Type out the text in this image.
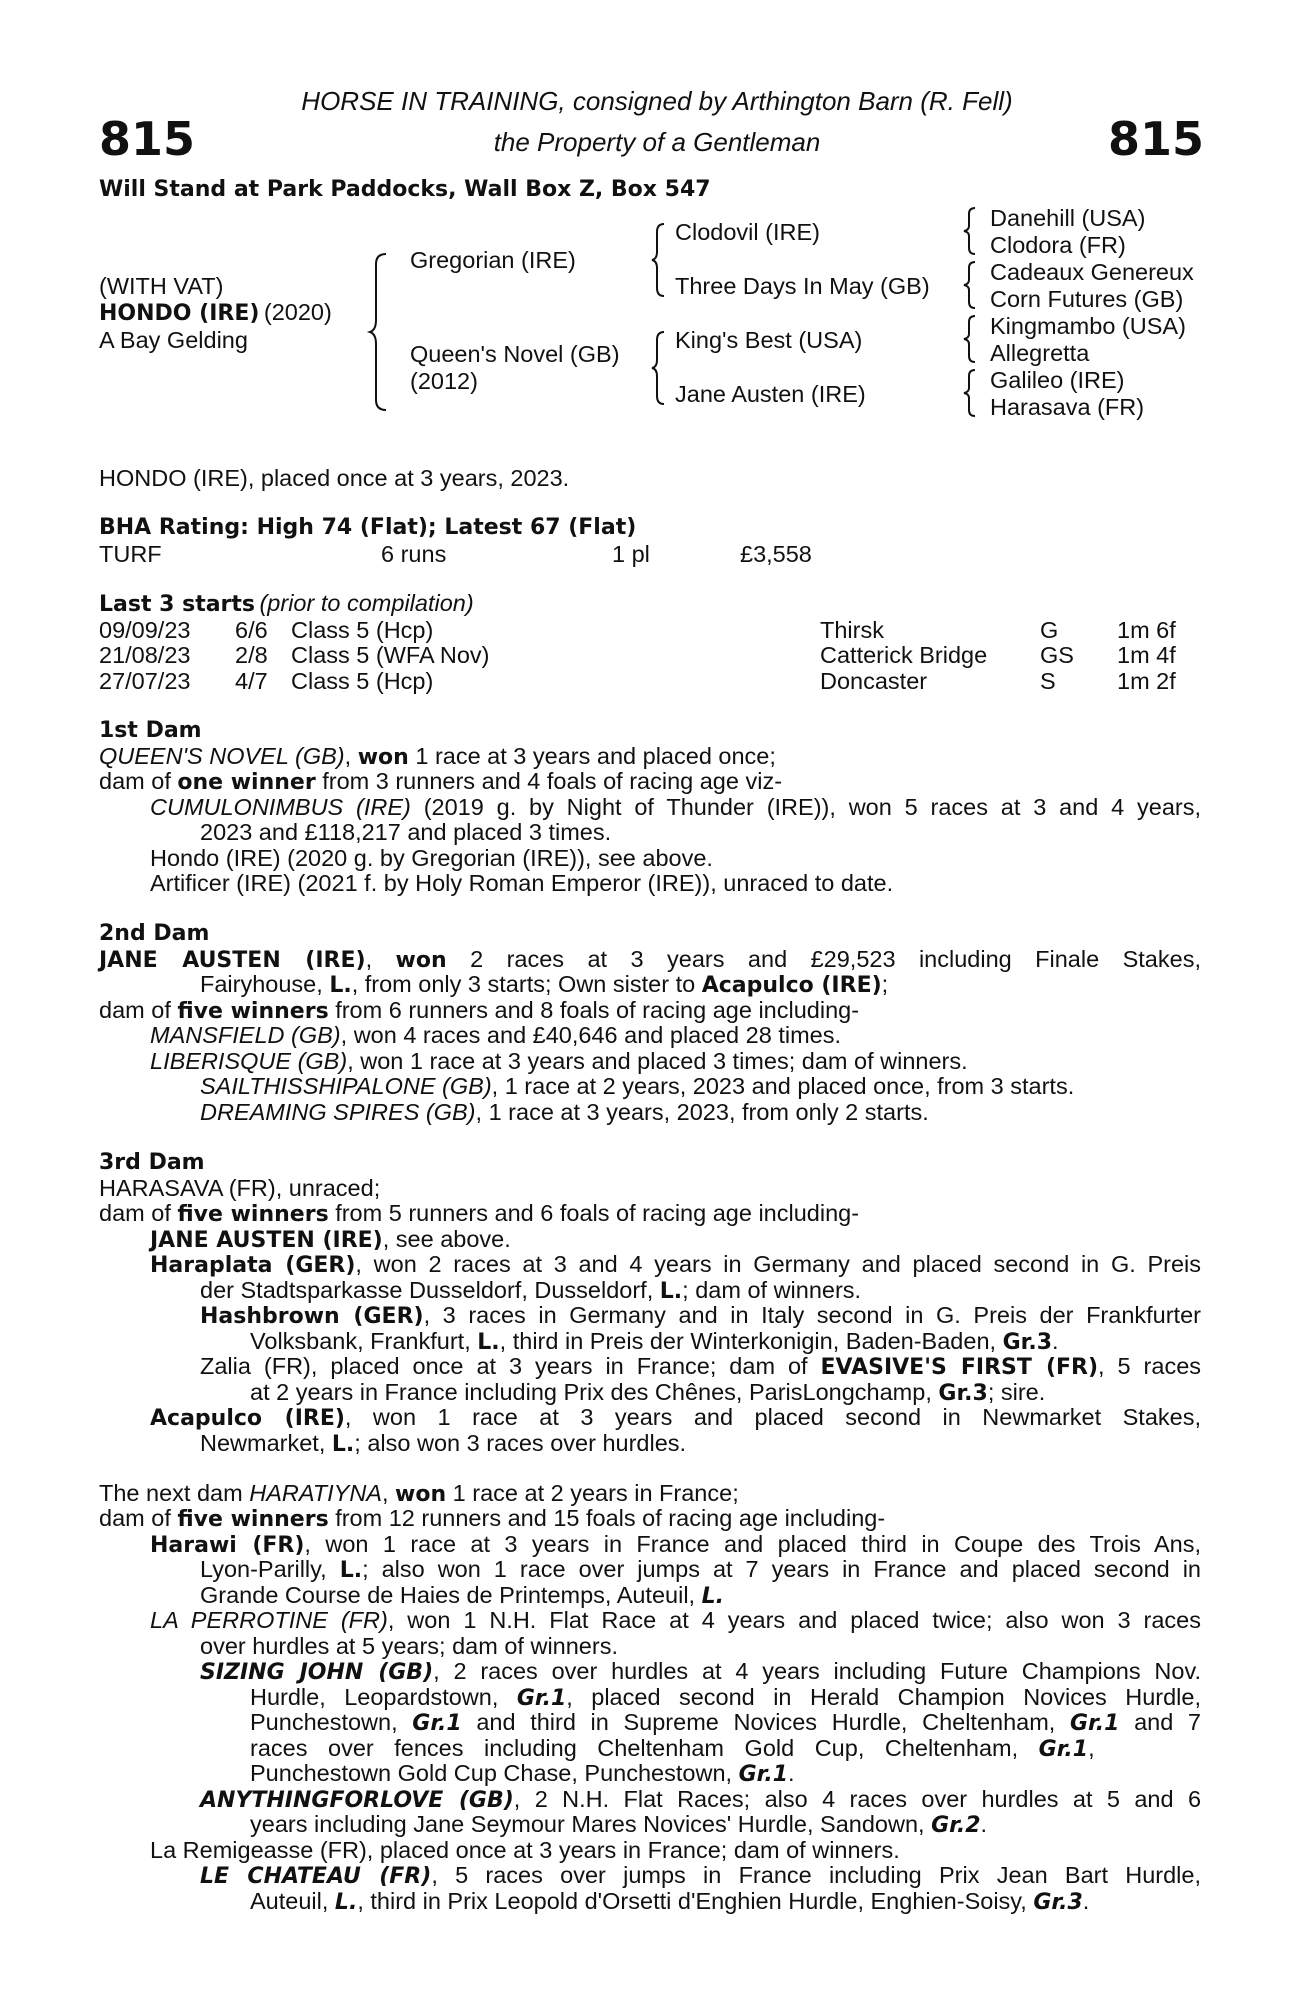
815	815
HORSE IN TRAINING, consigned by Arthington Barn (R. Fell)
the Property of a Gentleman
Will Stand at Park Paddocks, Wall Box Z, Box 547
(WITH VAT)
HONDO (IRE) (2020)
A Bay Gelding
Gregorian (IRE)
Queen's Novel (GB)
(2012)
Clodovil (IRE)
Three Days In May (GB)
King's Best (USA)
Jane Austen (IRE)
Danehill (USA)
Clodora (FR)
Cadeaux Genereux
Corn Futures (GB)
Kingmambo (USA)
Allegretta
Galileo (IRE)
Harasava (FR)
HONDO (IRE), placed once at 3 years, 2023.
BHA Rating: High 74 (Flat); Latest 67 (Flat)
TURF	6 runs	1 pl	£3,558
Last 3 starts (prior to compilation)
09/09/23 6/6 Class 5 (Hcp)	Thirsk	G 1m 6f
21/08/23 2/8 Class 5 (WFA Nov)	Catterick Bridge GS 1m 4f
27/07/23 4/7 Class 5 (Hcp)	Doncaster	S	1m 2f
1st Dam
QUEEN'S NOVEL (GB), won 1 race at 3 years and placed once;
dam of one winner from 3 runners and 4 foals of racing age viz-
CUMULONIMBUS (IRE) (2019 g. by Night of Thunder (IRE)), won 5 races at 3 and 4 years,
2023 and £118,217 and placed 3 times.
Hondo (IRE) (2020 g. by Gregorian (IRE)), see above.
Artificer (IRE) (2021 f. by Holy Roman Emperor (IRE)), unraced to date.
2nd Dam
JANE AUSTEN (IRE), won 2 races at 3 years and £29,523 including Finale Stakes,
Fairyhouse, L., from only 3 starts; Own sister to Acapulco (IRE);
dam of five winners from 6 runners and 8 foals of racing age including-
MANSFIELD (GB), won 4 races and £40,646 and placed 28 times.
LIBERISQUE (GB), won 1 race at 3 years and placed 3 times; dam of winners.
SAILTHISSHIPALONE (GB), 1 race at 2 years, 2023 and placed once, from 3 starts.
DREAMING SPIRES (GB), 1 race at 3 years, 2023, from only 2 starts.
3rd Dam
HARASAVA (FR), unraced;
dam of five winners from 5 runners and 6 foals of racing age including-
JANE AUSTEN (IRE), see above.
Haraplata (GER), won 2 races at 3 and 4 years in Germany and placed second in G. Preis
der Stadtsparkasse Dusseldorf, Dusseldorf, L.; dam of winners.
Hashbrown (GER), 3 races in Germany and in Italy second in G. Preis der Frankfurter
Volksbank, Frankfurt, L., third in Preis der Winterkonigin, Baden-Baden, Gr.3.
Zalia (FR), placed once at 3 years in France; dam of EVASIVE'S FIRST (FR), 5 races
at 2 years in France including Prix des Chênes, ParisLongchamp, Gr.3; sire.
Acapulco (IRE), won 1 race at 3 years and placed second in Newmarket Stakes,
Newmarket, L.; also won 3 races over hurdles.
The next dam HARATIYNA, won 1 race at 2 years in France;
dam of five winners from 12 runners and 15 foals of racing age including-
Harawi (FR), won 1 race at 3 years in France and placed third in Coupe des Trois Ans,
Lyon-Parilly, L.; also won 1 race over jumps at 7 years in France and placed second in
Grande Course de Haies de Printemps, Auteuil, L.
LA PERROTINE (FR), won 1 N.H. Flat Race at 4 years and placed twice; also won 3 races
over hurdles at 5 years; dam of winners.
SIZING JOHN (GB), 2 races over hurdles at 4 years including Future Champions Nov.
Hurdle, Leopardstown, Gr.1, placed second in Herald Champion Novices Hurdle,
Punchestown, Gr.1 and third in Supreme Novices Hurdle, Cheltenham, Gr.1 and 7
races over fences including Cheltenham Gold Cup, Cheltenham, Gr.1,
Punchestown Gold Cup Chase, Punchestown, Gr.1.
ANYTHINGFORLOVE (GB), 2 N.H. Flat Races; also 4 races over hurdles at 5 and 6
years including Jane Seymour Mares Novices' Hurdle, Sandown, Gr.2.
La Remigeasse (FR), placed once at 3 years in France; dam of winners.
LE CHATEAU (FR), 5 races over jumps in France including Prix Jean Bart Hurdle,
Auteuil, L., third in Prix Leopold d'Orsetti d'Enghien Hurdle, Enghien-Soisy, Gr.3.
